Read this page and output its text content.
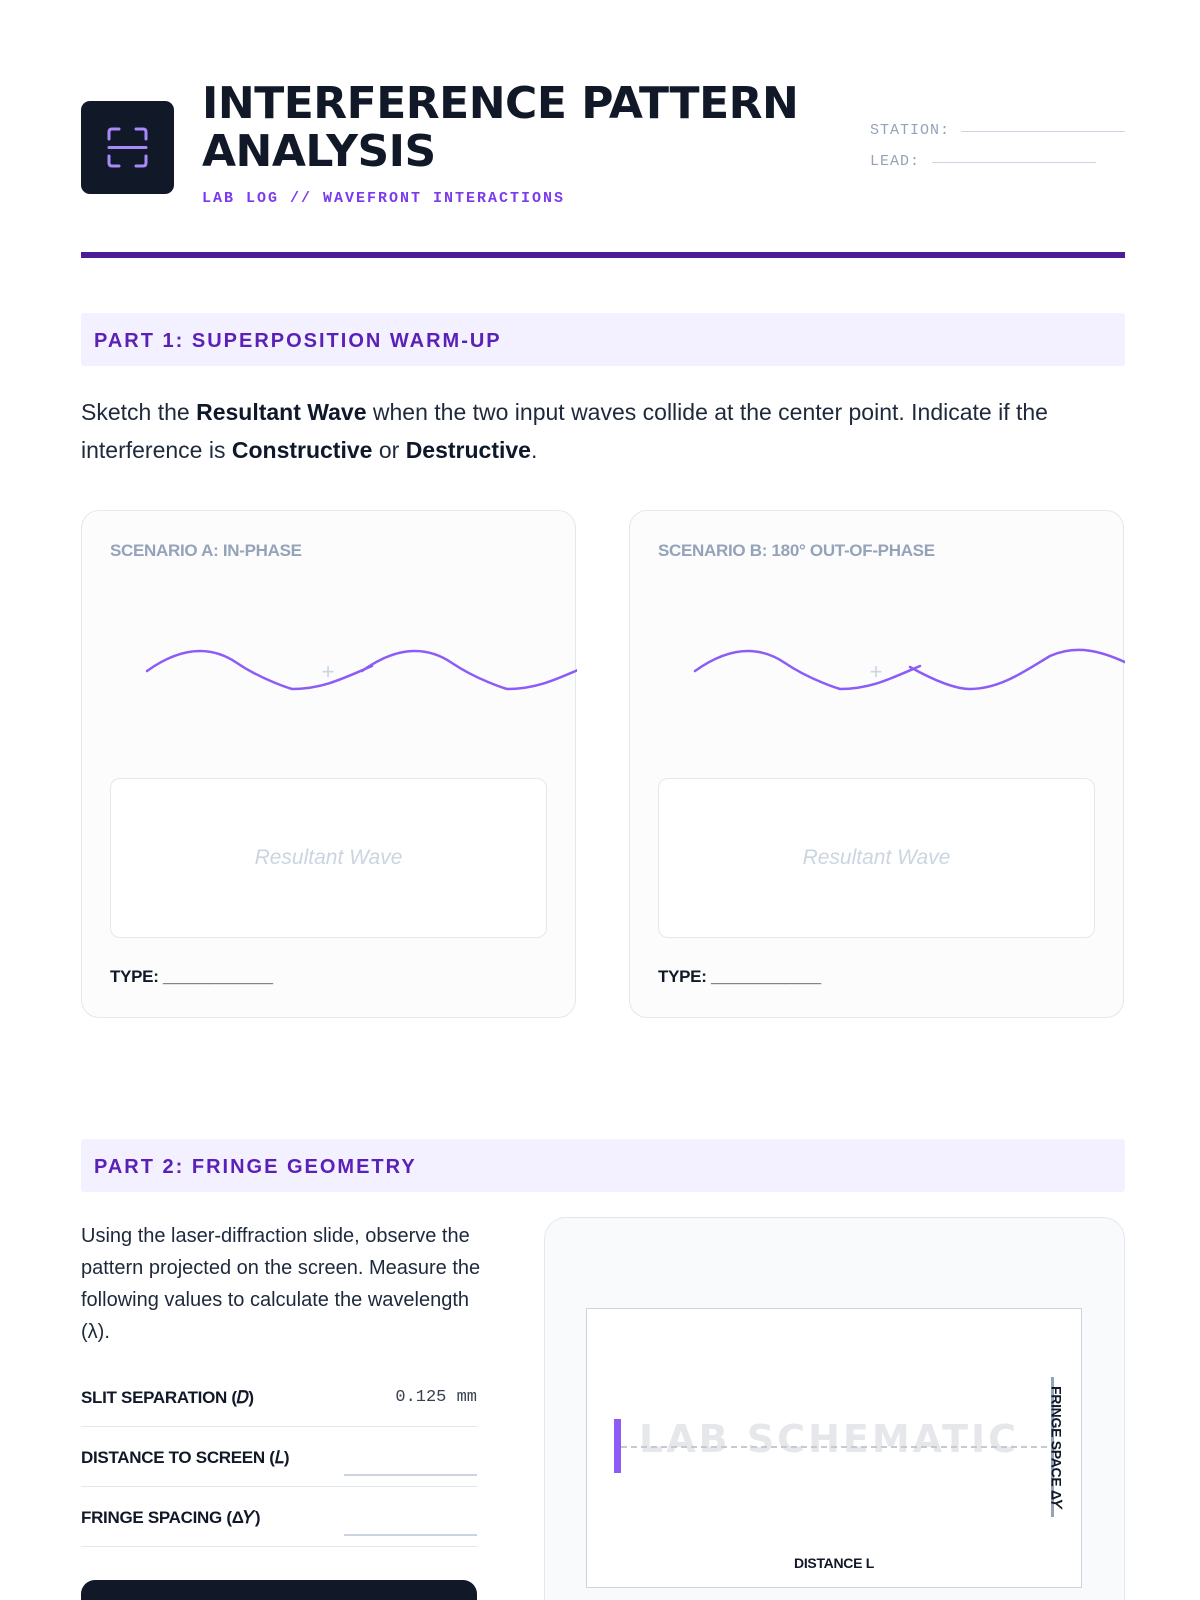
INTERFERENCE PATTERN ANALYSIS
LAB LOG // WAVEFRONT INTERACTIONS
STATION:
LEAD:
PART 1: SUPERPOSITION WARM-UP

Sketch the Resultant Wave when the two input waves collide at the center point. Indicate if the interference is Constructive or Destructive.

SCENARIO A: IN-PHASE
+
Resultant Wave
TYPE: ____________
SCENARIO B: 180° OUT-OF-PHASE
+
Resultant Wave
TYPE: ____________
PART 2: FRINGE GEOMETRY

Using the laser-diffraction slide, observe the pattern projected on the screen. Measure the following values to calculate the wavelength (λ).

SLIT SEPARATION (𝐷)	0.125 mm
DISTANCE TO SCREEN (𝐿)
FRINGE SPACING (Δ𝑌)
LAB SCHEMATIC FRINGE SPACE Δ𝑌
DISTANCE L
